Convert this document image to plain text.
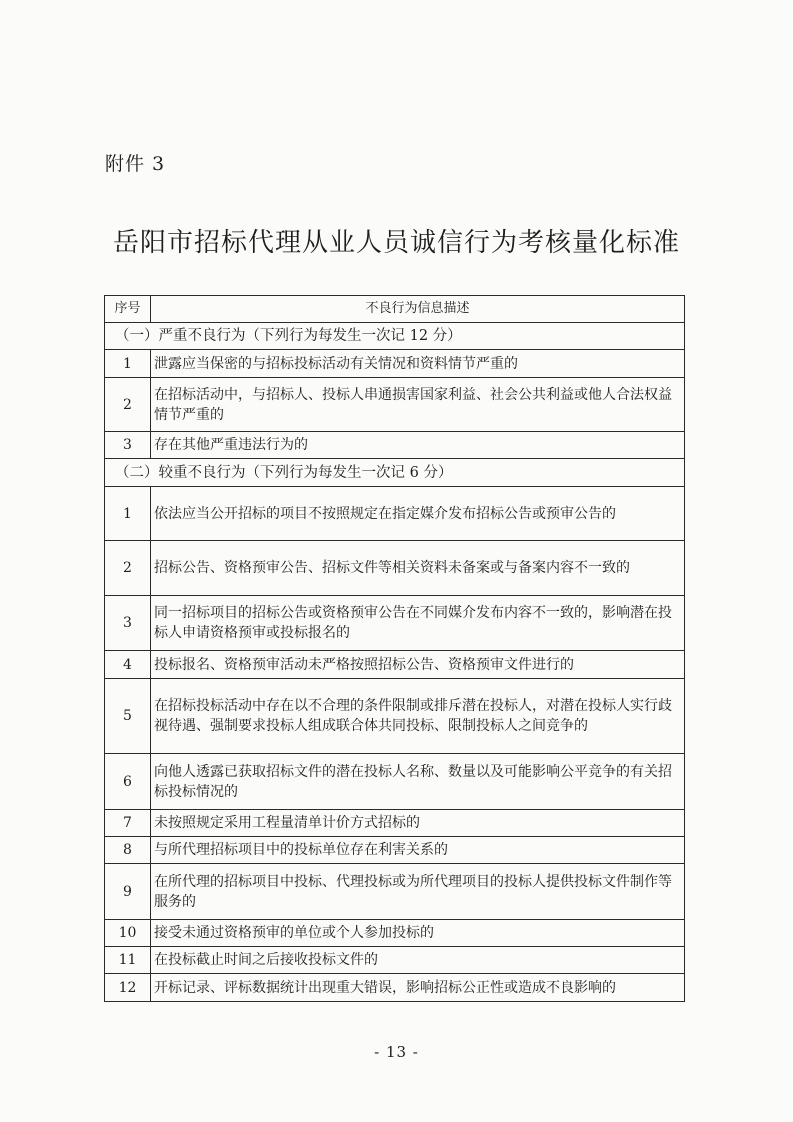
附件 3
岳阳市招标代理从业人员诚信行为考核量化标准
序号	不良行为信息描述
（一）严重不良行为（下列行为每发生一次记 12 分）	
1	泄露应当保密的与招标投标活动有关情况和资料情节严重的
2	在招标活动中，与招标人、投标人串通损害国家利益、社会公共利益或他人合法权益情节严重的
3	存在其他严重违法行为的
（二）较重不良行为（下列行为每发生一次记 6 分）	
1	依法应当公开招标的项目不按照规定在指定媒介发布招标公告或预审公告的
2	招标公告、资格预审公告、招标文件等相关资料未备案或与备案内容不一致的
3	同一招标项目的招标公告或资格预审公告在不同媒介发布内容不一致的，影响潜在投标人申请资格预审或投标报名的
4	投标报名、资格预审活动未严格按照招标公告、资格预审文件进行的
5	在招标投标活动中存在以不合理的条件限制或排斥潜在投标人，对潜在投标人实行歧视待遇、强制要求投标人组成联合体共同投标、限制投标人之间竞争的
6	向他人透露已获取招标文件的潜在投标人名称、数量以及可能影响公平竞争的有关招标投标情况的
7	未按照规定采用工程量清单计价方式招标的
8	与所代理招标项目中的投标单位存在利害关系的
9	在所代理的招标项目中投标、代理投标或为所代理项目的投标人提供投标文件制作等服务的
10	接受未通过资格预审的单位或个人参加投标的
11	在投标截止时间之后接收投标文件的
12	开标记录、评标数据统计出现重大错误，影响招标公正性或造成不良影响的
- 13 -
